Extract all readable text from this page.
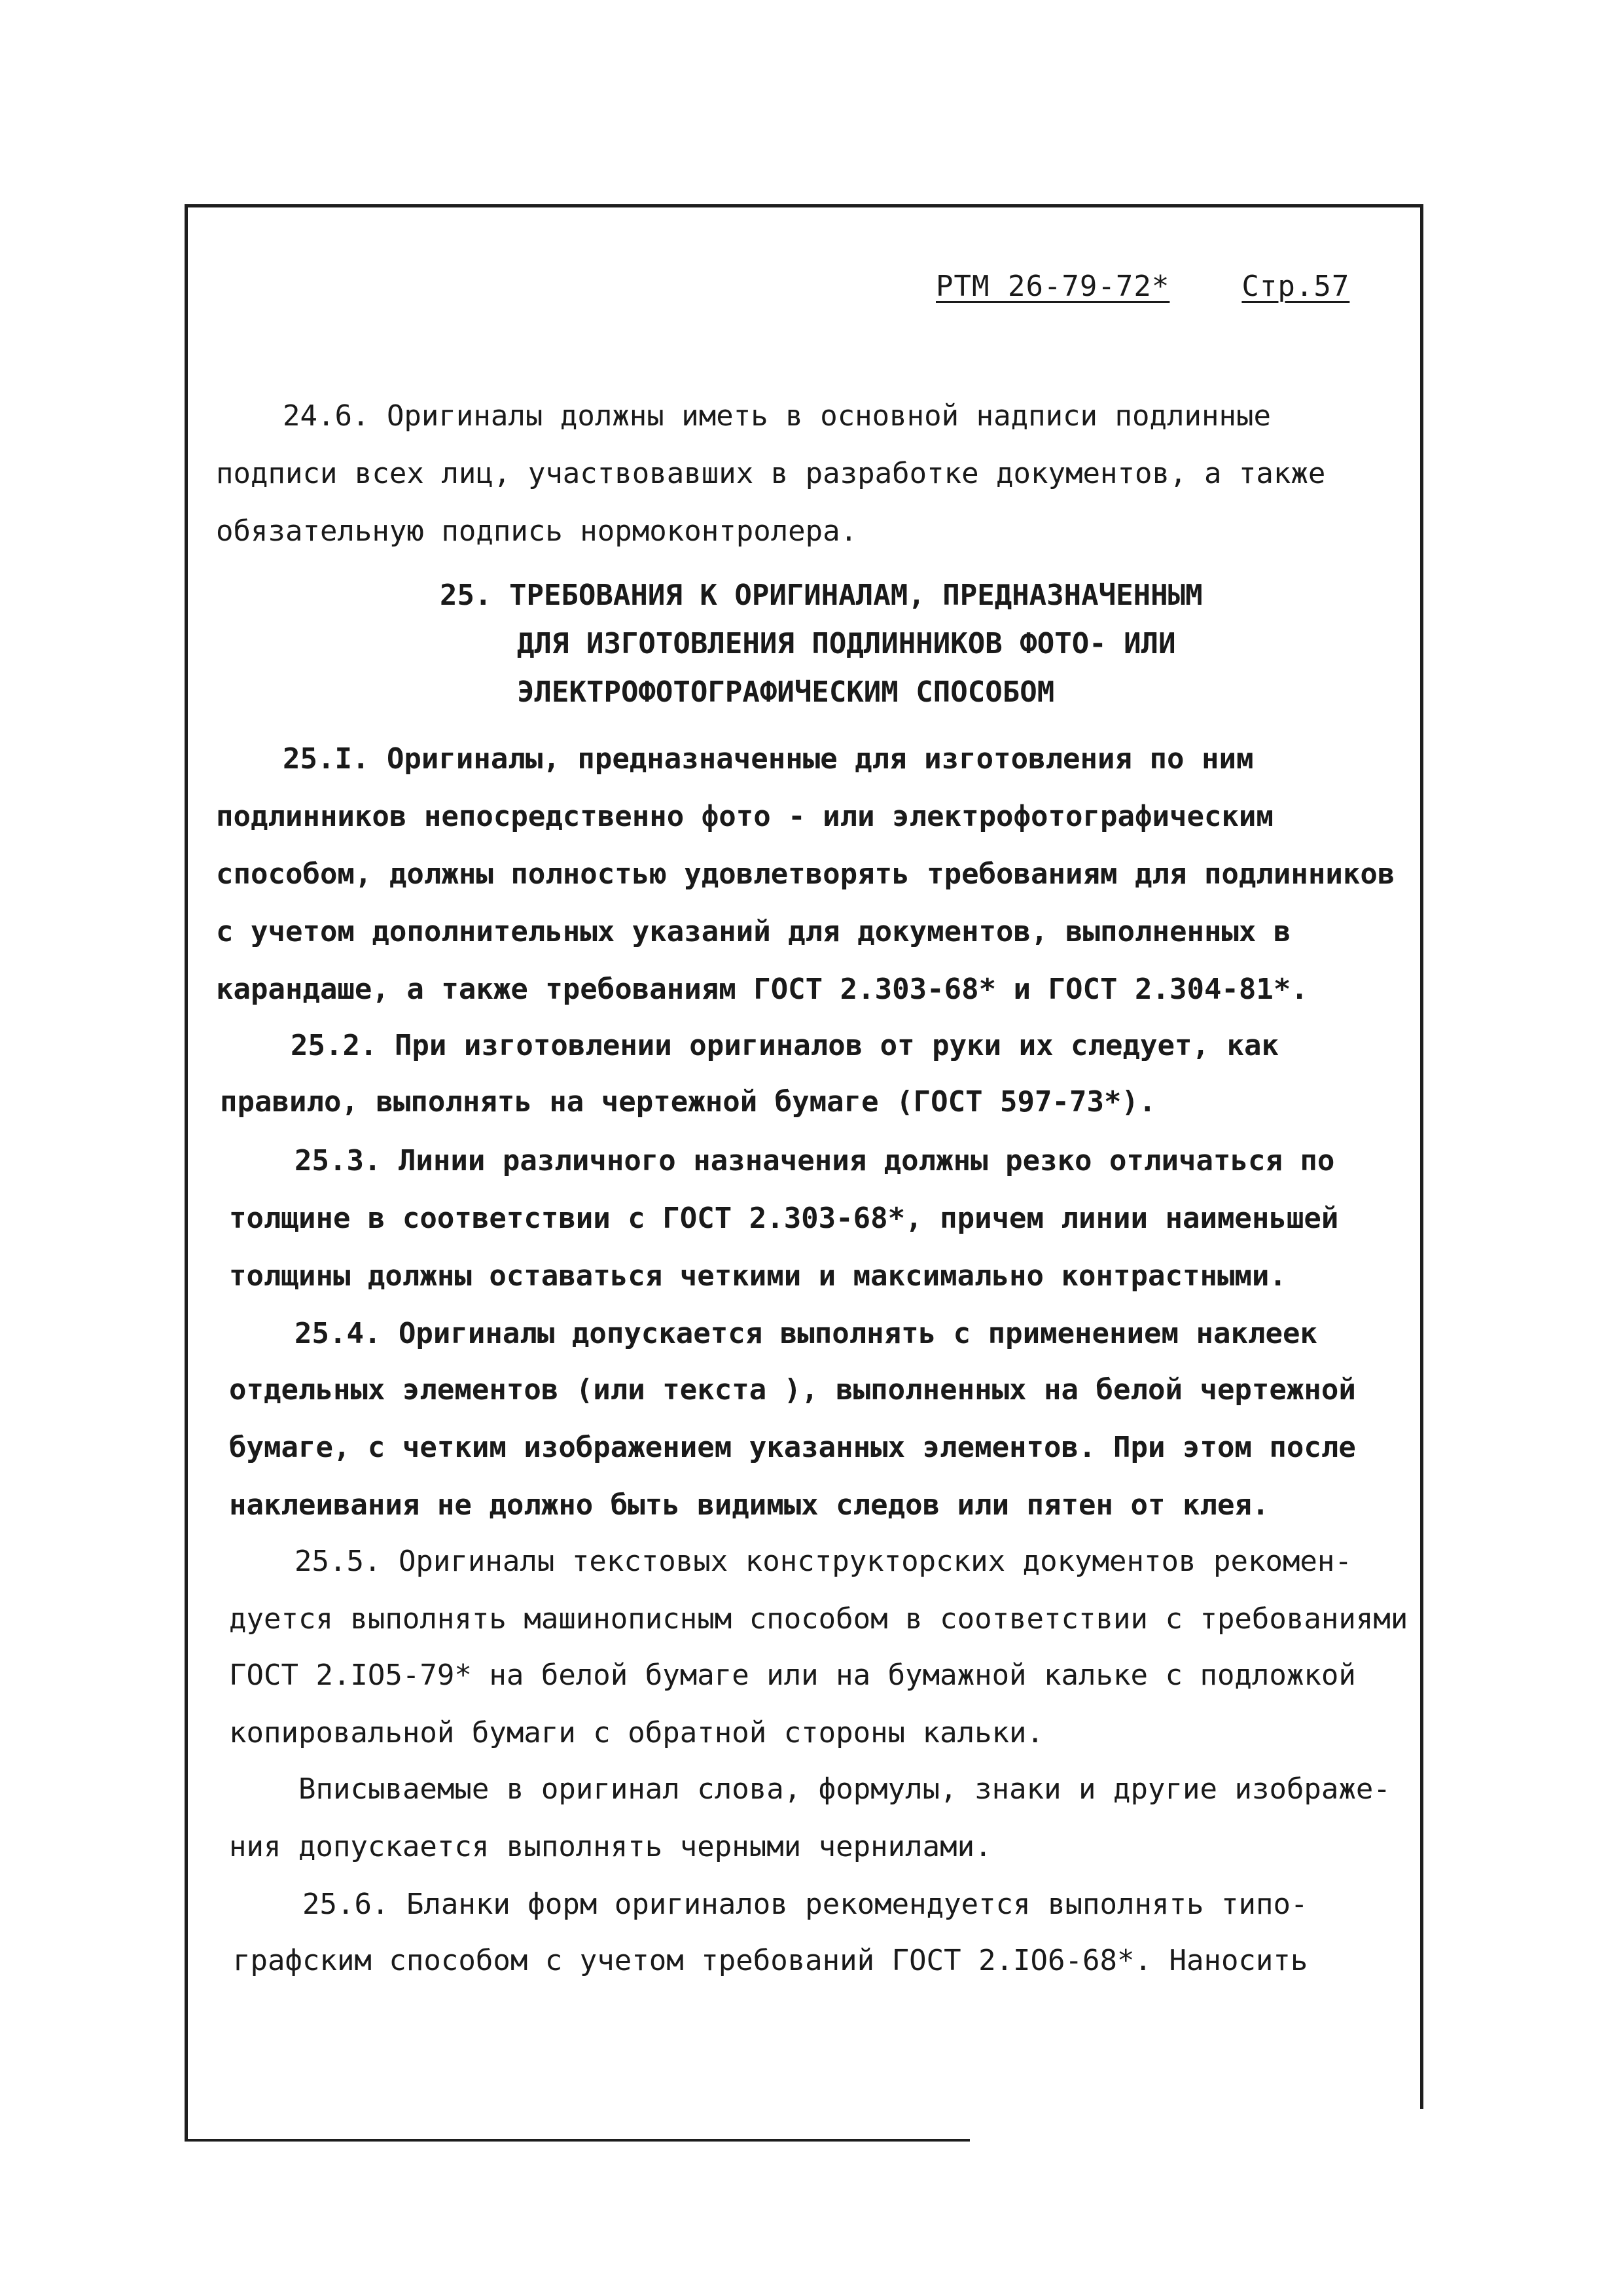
РТМ 26-79-72*	Стр.57
24.6. Оригиналы должны иметь в основной надписи подлинные
подписи всех лиц, участвовавших в разработке документов, а также
обязательную подпись нормоконтролера.
25. ТРЕБОВАНИЯ К ОРИГИНАЛАМ, ПРЕДНАЗНАЧЕННЫМ
ДЛЯ ИЗГОТОВЛЕНИЯ ПОДЛИННИКОВ ФОТО- ИЛИ
ЭЛЕКТРОФОТОГРАФИЧЕСКИМ СПОСОБОМ
25.I. Оригиналы, предназначенные для изготовления по ним
подлинников непосредственно фото - или электрофотографическим
способом, должны полностью удовлетворять требованиям для подлинников
с учетом дополнительных указаний для документов, выполненных в
карандаше, а также требованиям ГОСТ 2.303-68* и ГОСТ 2.304-81*.
25.2. При изготовлении оригиналов от руки их следует, как
правило, выполнять на чертежной бумаге (ГОСТ 597-73*).
25.3. Линии различного назначения должны резко отличаться по
толщине в соответствии с ГОСТ 2.303-68*, причем линии наименьшей
толщины должны оставаться четкими и максимально контрастными.
25.4. Оригиналы допускается выполнять с применением наклеек
отдельных элементов (или текста ), выполненных на белой чертежной
бумаге, с четким изображением указанных элементов. При этом после
наклеивания не должно быть видимых следов или пятен от клея.
25.5. Оригиналы текстовых конструкторских документов рекомен-
дуется выполнять машинописным способом в соответствии с требованиями
ГОСТ 2.IO5-79* на белой бумаге или на бумажной кальке с подложкой
копировальной бумаги с обратной стороны кальки.
Вписываемые в оригинал слова, формулы, знаки и другие изображе-
ния допускается выполнять черными чернилами.
25.6. Бланки форм оригиналов рекомендуется выполнять типо-
графским способом с учетом требований ГОСТ 2.IO6-68*. Наносить
